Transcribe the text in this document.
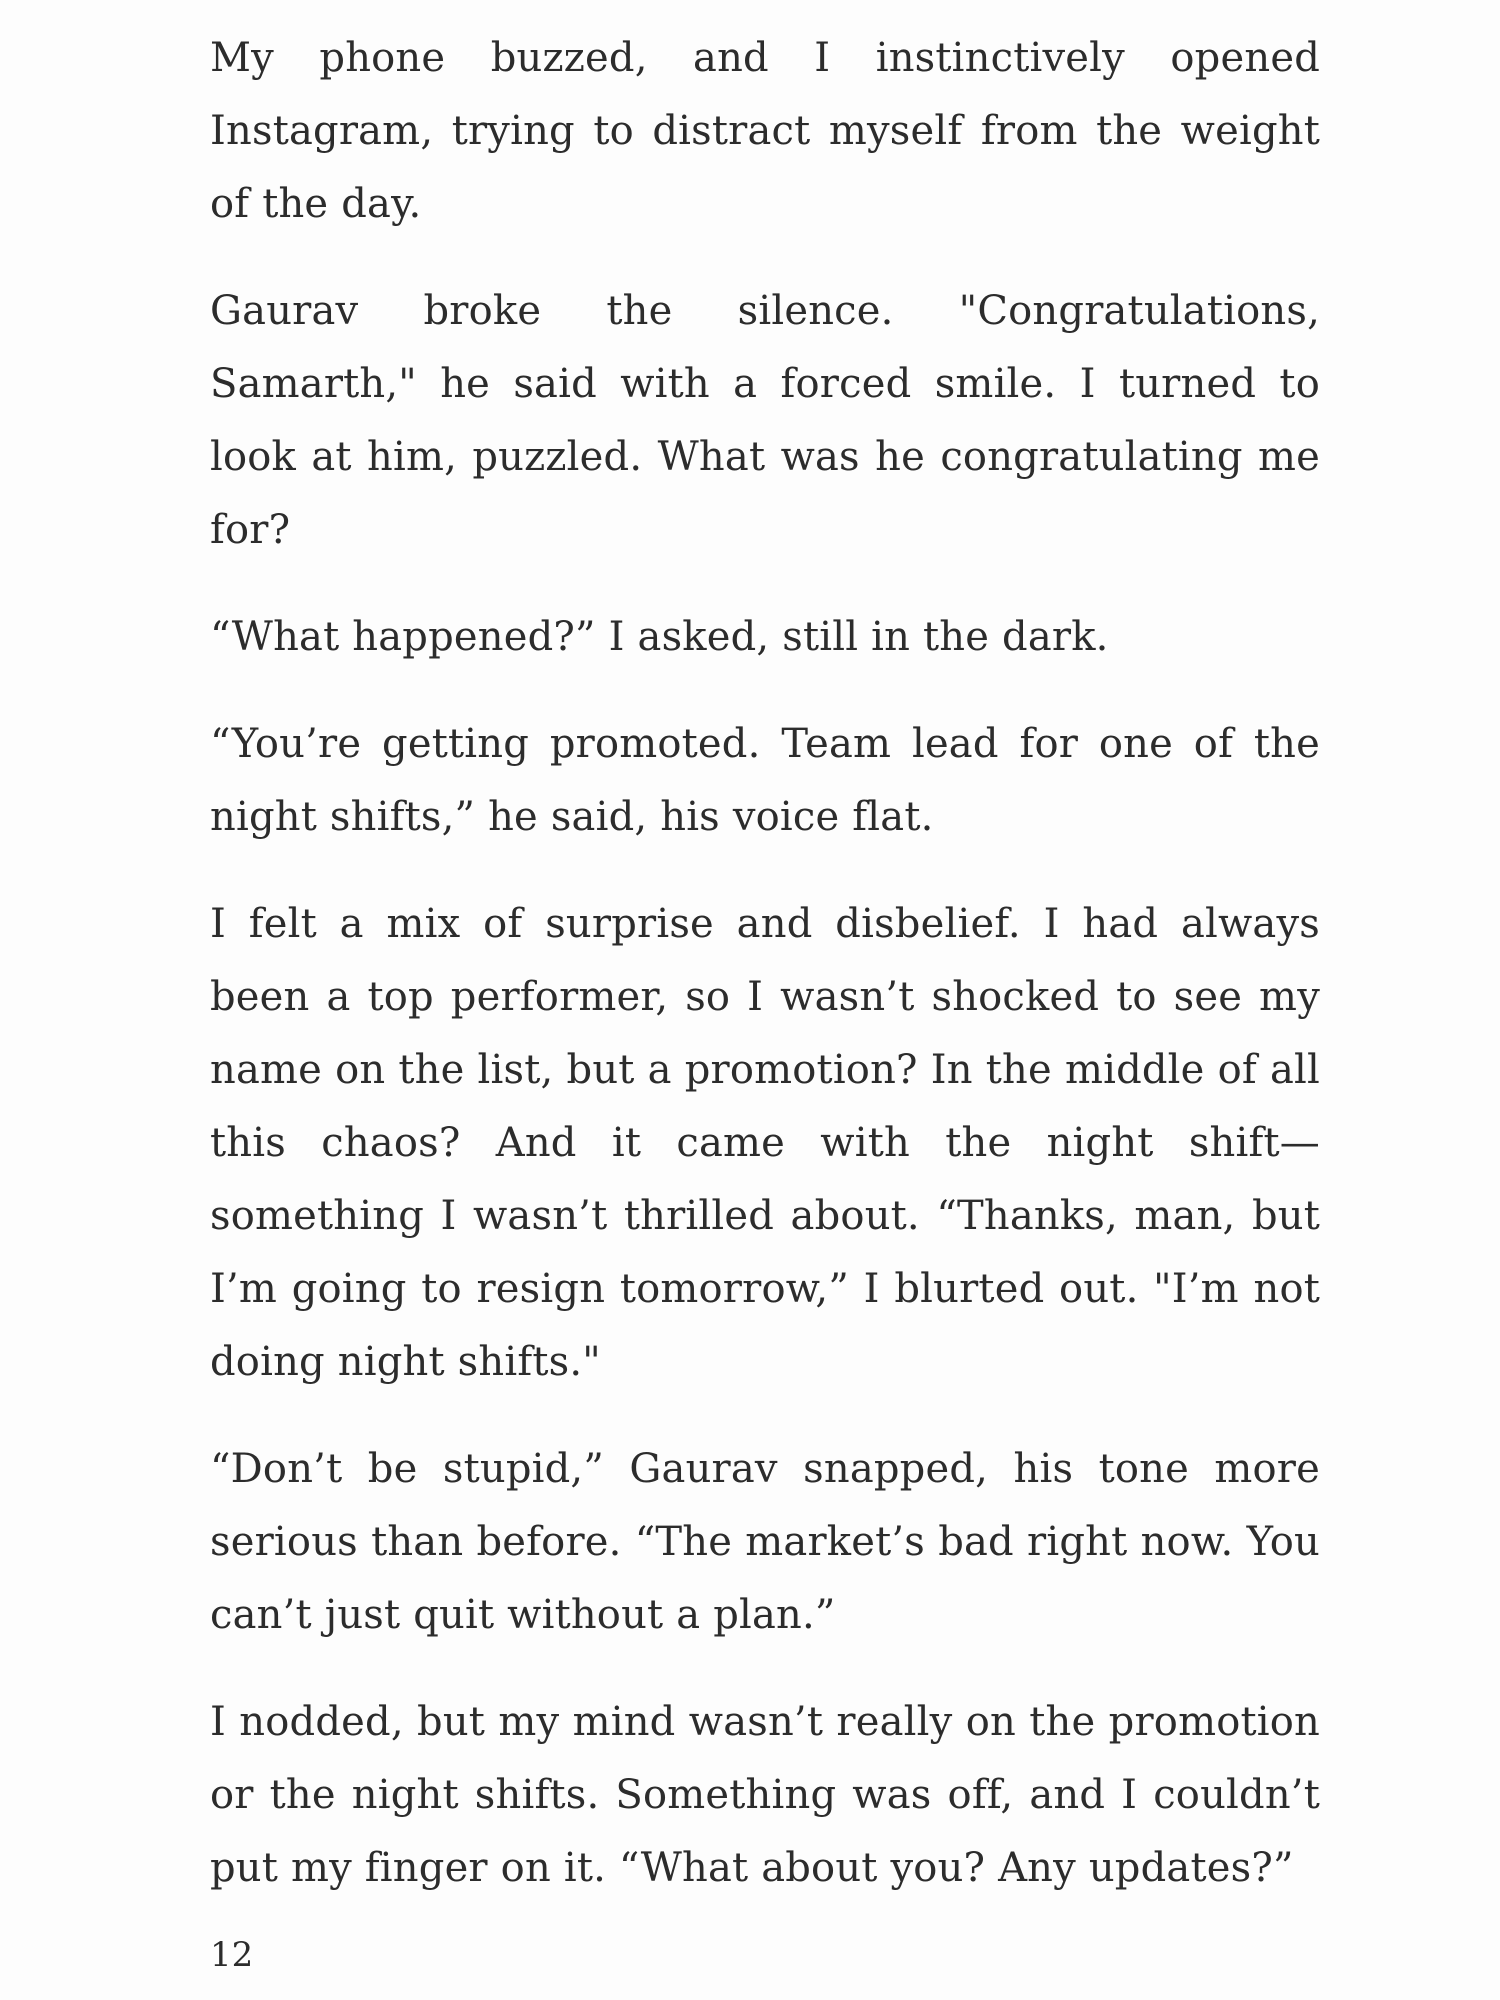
My phone buzzed, and I instinctively opened Instagram, trying to distract myself from the weight of the day.

Gaurav broke the silence. "Congratulations, Samarth," he said with a forced smile. I turned to look at him, puzzled. What was he congratulating me for?

“What happened?” I asked, still in the dark.

“You’re getting promoted. Team lead for one of the night shifts,” he said, his voice flat.

I felt a mix of surprise and disbelief. I had always been a top performer, so I wasn’t shocked to see my name on the list, but a promotion? In the middle of all this chaos? And it came with the night shift—something I wasn’t thrilled about. “Thanks, man, but I’m going to resign tomorrow,” I blurted out. "I’m not doing night shifts."

“Don’t be stupid,” Gaurav snapped, his tone more serious than before. “The market’s bad right now. You can’t just quit without a plan.”

I nodded, but my mind wasn’t really on the promotion or the night shifts. Something was off, and I couldn’t put my finger on it. “What about you? Any updates?”

12
